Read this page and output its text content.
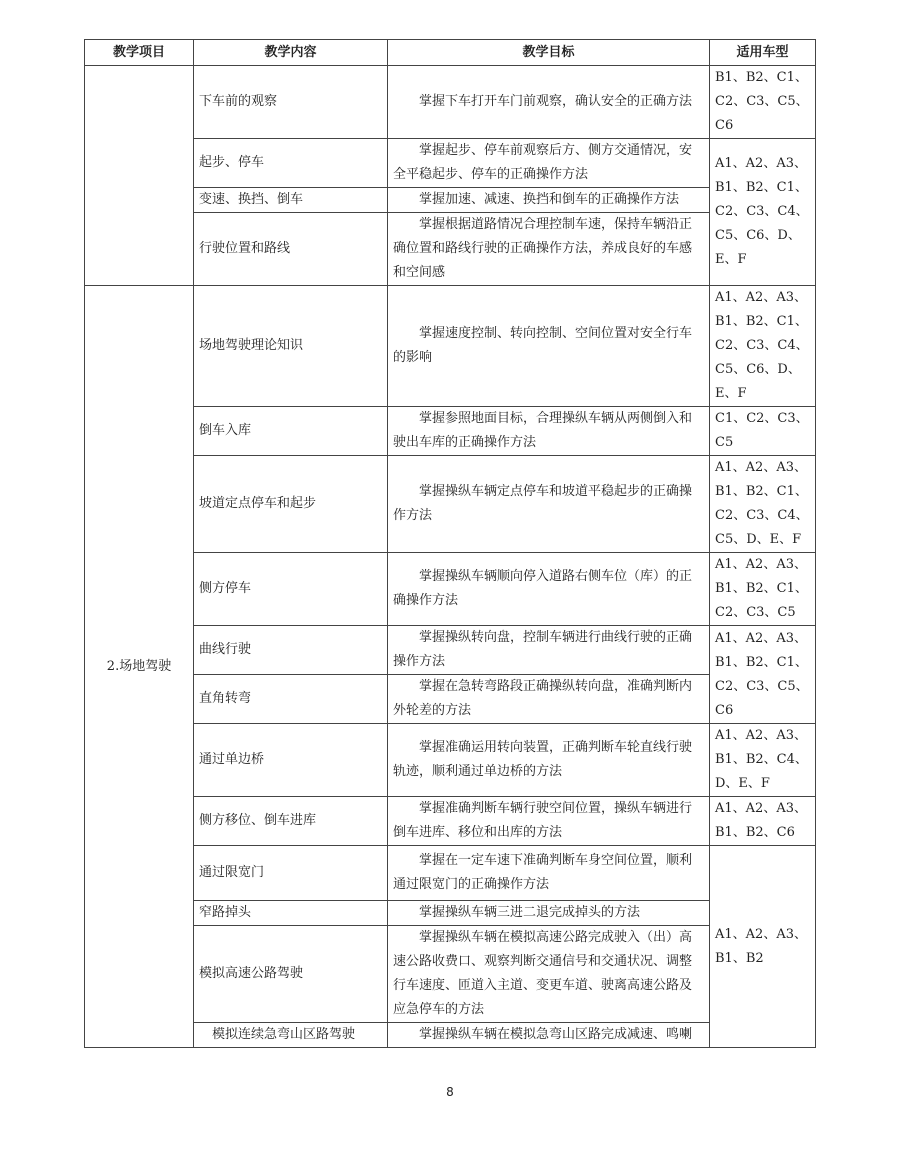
教学项目	教学内容	教学目标	适用车型
	下车前的观察	掌握下车打开车门前观察，确认安全的正确方法	B1、B2、C1、C2、C3、C5、C6
	起步、停车	掌握起步、停车前观察后方、侧方交通情况，安全平稳起步、停车的正确操作方法	A1、A2、A3、B1、B2、C1、C2、C3、C4、C5、C6、D、E、F
	变速、换挡、倒车	掌握加速、减速、换挡和倒车的正确操作方法	

	行驶位置和路线	掌握根据道路情况合理控制车速，保持车辆沿正确位置和路线行驶的正确操作方法，养成良好的车感和空间感	

2.场地驾驶	场地驾驶理论知识	掌握速度控制、转向控制、空间位置对安全行车的影响	A1、A2、A3、B1、B2、C1、C2、C3、C4、C5、C6、D、E、F
	倒车入库	掌握参照地面目标，合理操纵车辆从两侧倒入和驶出车库的正确操作方法	C1、C2、C3、C5
	坡道定点停车和起步	掌握操纵车辆定点停车和坡道平稳起步的正确操作方法	A1、A2、A3、B1、B2、C1、C2、C3、C4、C5、D、E、F
	侧方停车	掌握操纵车辆顺向停入道路右侧车位（库）的正确操作方法	A1、A2、A3、B1、B2、C1、C2、C3、C5
	曲线行驶	掌握操纵转向盘，控制车辆进行曲线行驶的正确操作方法	A1、A2、A3、B1、B2、C1、C2、C3、C5、C6
	直角转弯	掌握在急转弯路段正确操纵转向盘，准确判断内外轮差的方法	

	通过单边桥	掌握准确运用转向装置，正确判断车轮直线行驶轨迹，顺利通过单边桥的方法	A1、A2、A3、B1、B2、C4、D、E、F
	侧方移位、倒车进库	掌握准确判断车辆行驶空间位置，操纵车辆进行倒车进库、移位和出库的方法	A1、A2、A3、B1、B2、C6
	通过限宽门	掌握在一定车速下准确判断车身空间位置，顺利通过限宽门的正确操作方法	A1、A2、A3、B1、B2
	窄路掉头	掌握操纵车辆三进二退完成掉头的方法	

	模拟高速公路驾驶	掌握操纵车辆在模拟高速公路完成驶入（出）高速公路收费口、观察判断交通信号和交通状况、调整行车速度、匝道入主道、变更车道、驶离高速公路及应急停车的方法	

	模拟连续急弯山区路驾驶	掌握操纵车辆在模拟急弯山区路完成减速、鸣喇	
8
